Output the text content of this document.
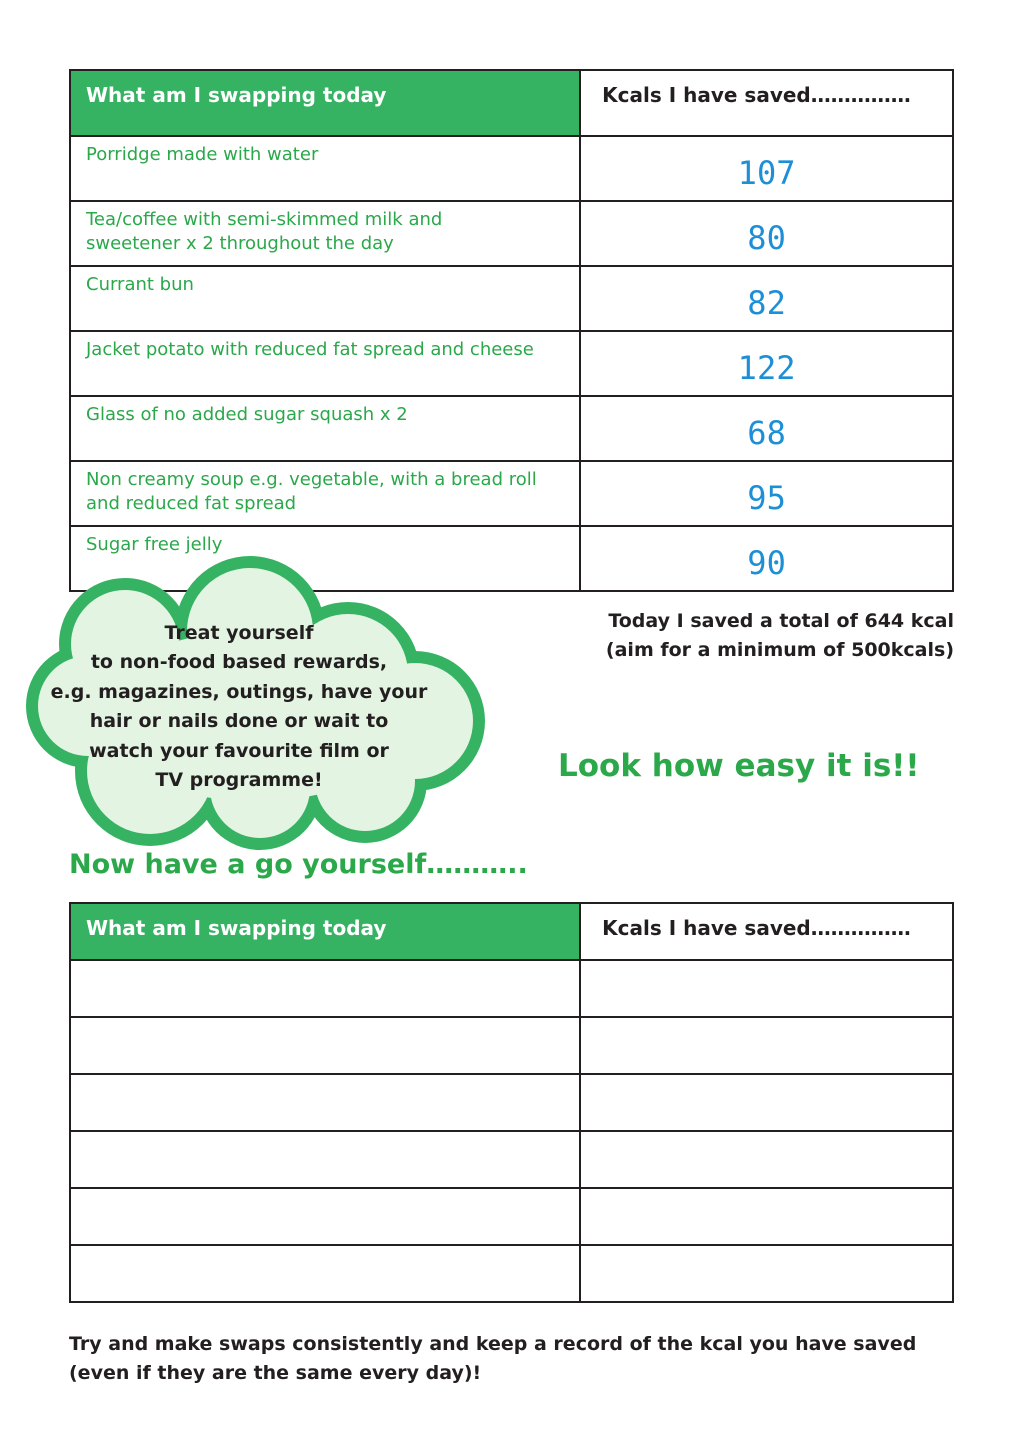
What am I swapping today	Kcals I have saved……………

Porridge made with water	107

Tea/coffee with semi-skimmed milk and
sweetener x 2 throughout the day	80

Currant bun	82

Jacket potato with reduced fat spread and cheese	122

Glass of no added sugar squash x 2	68

Non creamy soup e.g. vegetable, with a bread roll
and reduced fat spread	95

Sugar free jelly	90
Today I saved a total of 644 kcal
(aim for a minimum of 500kcals)
Treat yourself
to non-food based rewards,
e.g. magazines, outings, have your
hair or nails done or wait to
watch your favourite film or
TV programme!	Look how easy it is!!
Now have a go yourself………..
What am I swapping today	Kcals I have saved……………

Try and make swaps consistently and keep a record of the kcal you have saved
(even if they are the same every day)!
